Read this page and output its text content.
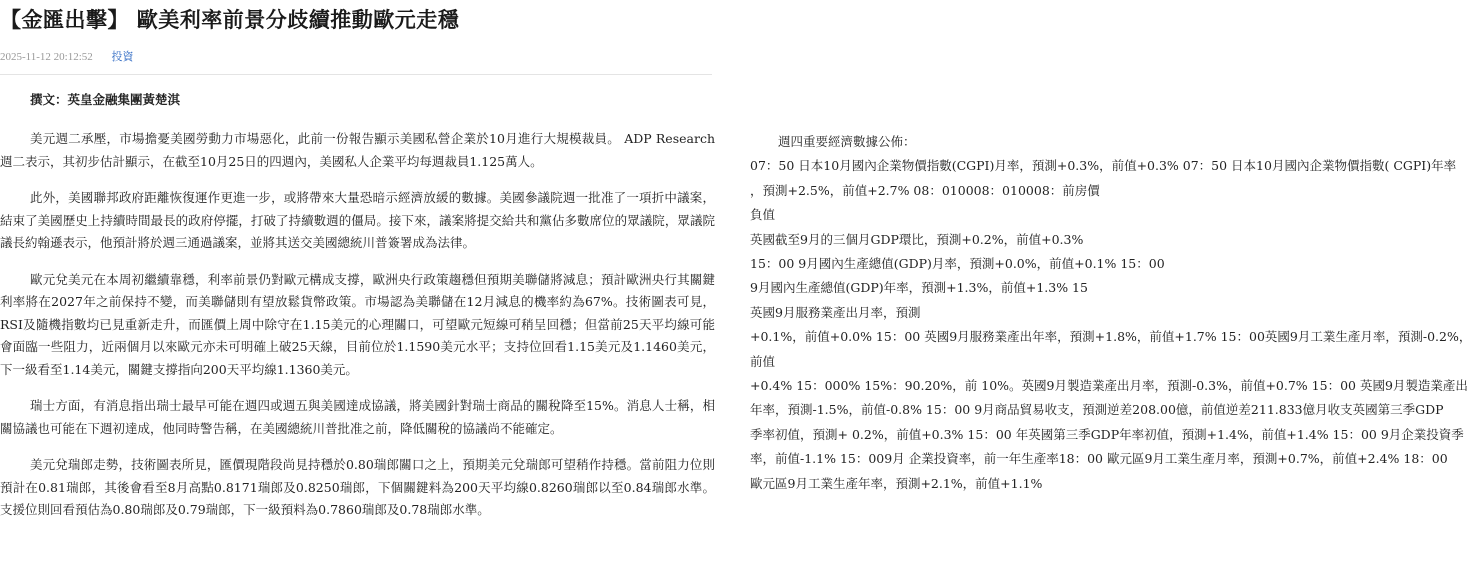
【金匯出擊】 歐美利率前景分歧續推動歐元走穩
2025-11-12 20:12:52 投資
撰文：英皇金融集團黃楚淇

美元週二承壓，市場擔憂美國勞動力市場惡化，此前一份報告顯示美國私營企業於10月進行大規模裁員。 ADP Research週二表示，其初步估計顯示，在截至10月25日的四週內，美國私人企業平均每週裁員1.125萬人。

此外，美國聯邦政府距離恢復運作更進一步，或將帶來大量恐暗示經濟放緩的數據。美國參議院週一批准了一項折中議案，結束了美國歷史上持續時間最長的政府停擺，打破了持續數週的僵局。接下來，議案將提交給共和黨佔多數席位的眾議院，眾議院議長約翰遜表示，他預計將於週三通過議案，並將其送交美國總統川普簽署成為法律。

歐元兌美元在本周初繼續靠穩，利率前景仍對歐元構成支撐，歐洲央行政策趨穩但預期美聯儲將減息；預計歐洲央行其關鍵利率將在2027年之前保持不變，而美聯儲則有望放鬆貨幣政策。市場認為美聯儲在12月減息的機率約為67%。技術圖表可見，RSI及隨機指數均已見重新走升，而匯價上周中除守在1.15美元的心理關口，可望歐元短線可稍呈回穩；但當前25天平均線可能會面臨一些阻力，近兩個月以來歐元亦未可明確上破25天線，目前位於1.1590美元水平；支持位回看1.15美元及1.1460美元，下一級看至1.14美元，關鍵支撐指向200天平均線1.1360美元。

瑞士方面，有消息指出瑞士最早可能在週四或週五與美國達成協議，將美國針對瑞士商品的關稅降至15%。消息人士稱，相關協議也可能在下週初達成，他同時警告稱，在美國總統川普批准之前，降低關稅的協議尚不能確定。

美元兌瑞郎走勢，技術圖表所見，匯價現階段尚見持穩於0.80瑞郎關口之上，預期美元兌瑞郎可望稍作持穩。當前阻力位則預計在0.81瑞郎，其後會看至8月高點0.8171瑞郎及0.8250瑞郎，下個關鍵料為200天平均線0.8260瑞郎以至0.84瑞郎水準。支援位則回看預估為0.80瑞郎及0.79瑞郎，下一級預料為0.7860瑞郎及0.78瑞郎水準。

週四重要經濟數據公佈：
07：50 日本10月國內企業物價指數(CGPI)月率，預測+0.3%，前值+0.3% 07：50 日本10月國內企業物價指數( CGPI)年率
，預測+2.5%，前值+2.7% 08：010008：010008：前房價
負值
英國截至9月的三個月GDP環比，預測+0.2%，前值+0.3%
15：00 9月國內生產總值(GDP)月率，預測+0.0%，前值+0.1% 15：00
9月國內生產總值(GDP)年率，預測+1.3%，前值+1.3% 15
英國9月服務業產出月率，預測
+0.1%，前值+0.0% 15：00 英國9月服務業產出年率，預測+1.8%，前值+1.7% 15：00英國9月工業生產月率，預測-0.2%，
前值
+0.4% 15：000% 15%：90.20%，前 10%。英國9月製造業產出月率，預測-0.3%，前值+0.7% 15：00 英國9月製造業產出
年率，預測-1.5%，前值-0.8% 15：00 9月商品貿易收支，預測逆差208.00億，前值逆差211.833億月收支英國第三季GDP
季率初值，預測+ 0.2%，前值+0.3% 15：00 年英國第三季GDP年率初值，預測+1.4%，前值+1.4% 15：00 9月企業投資季
率，前值-1.1% 15：009月 企業投資率，前一年生產率18：00 歐元區9月工業生產月率，預測+0.7%，前值+2.4% 18：00
歐元區9月工業生產年率，預測+2.1%，前值+1.1%
